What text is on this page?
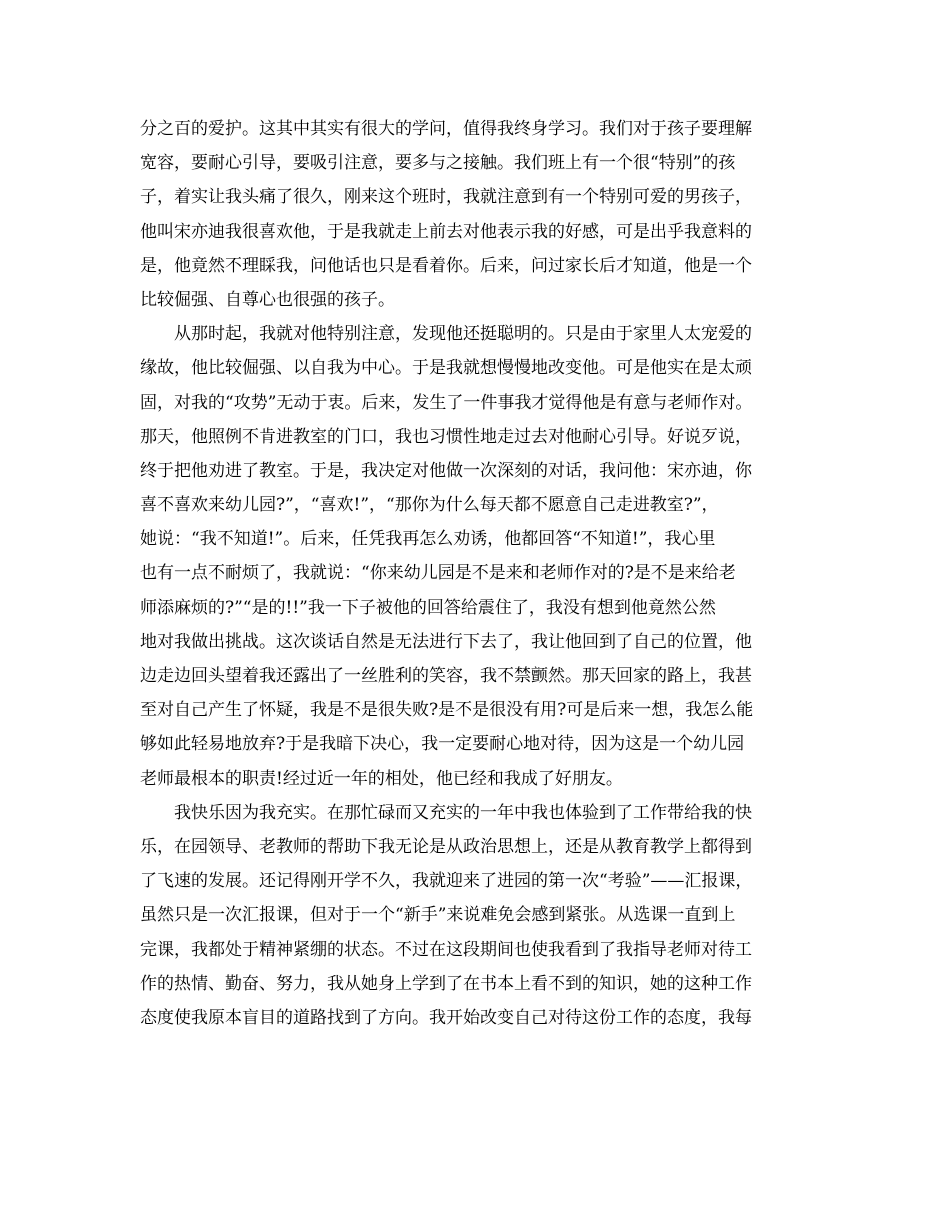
分之百的爱护。这其中其实有很大的学问，值得我终身学习。我们对于孩子要理解
宽容，要耐心引导，要吸引注意，要多与之接触。我们班上有一个很“特别”的孩
子，着实让我头痛了很久，刚来这个班时，我就注意到有一个特别可爱的男孩子，
他叫宋亦迪我很喜欢他，于是我就走上前去对他表示我的好感，可是出乎我意料的
是，他竟然不理睬我，问他话也只是看着你。后来，问过家长后才知道，他是一个
比较倔强、自尊心也很强的孩子。
　　从那时起，我就对他特别注意，发现他还挺聪明的。只是由于家里人太宠爱的
缘故，他比较倔强、以自我为中心。于是我就想慢慢地改变他。可是他实在是太顽
固，对我的“攻势”无动于衷。后来，发生了一件事我才觉得他是有意与老师作对。
那天，他照例不肯进教室的门口，我也习惯性地走过去对他耐心引导。好说歹说，
终于把他劝进了教室。于是，我决定对他做一次深刻的对话，我问他：宋亦迪，你
喜不喜欢来幼儿园?”，“喜欢!”，“那你为什么每天都不愿意自己走进教室?”，
她说：“我不知道!”。后来，任凭我再怎么劝诱，他都回答“不知道!”，我心里
也有一点不耐烦了，我就说：“你来幼儿园是不是来和老师作对的?是不是来给老
师添麻烦的?”“是的!!”我一下子被他的回答给震住了，我没有想到他竟然公然
地对我做出挑战。这次谈话自然是无法进行下去了，我让他回到了自己的位置，他
边走边回头望着我还露出了一丝胜利的笑容，我不禁颤然。那天回家的路上，我甚
至对自己产生了怀疑，我是不是很失败?是不是很没有用?可是后来一想，我怎么能
够如此轻易地放弃?于是我暗下决心，我一定要耐心地对待，因为这是一个幼儿园
老师最根本的职责!经过近一年的相处，他已经和我成了好朋友。
　　我快乐因为我充实。在那忙碌而又充实的一年中我也体验到了工作带给我的快
乐，在园领导、老教师的帮助下我无论是从政治思想上，还是从教育教学上都得到
了飞速的发展。还记得刚开学不久，我就迎来了进园的第一次“考验”——汇报课，
虽然只是一次汇报课，但对于一个“新手”来说难免会感到紧张。从选课一直到上
完课，我都处于精神紧绷的状态。不过在这段期间也使我看到了我指导老师对待工
作的热情、勤奋、努力，我从她身上学到了在书本上看不到的知识，她的这种工作
态度使我原本盲目的道路找到了方向。我开始改变自己对待这份工作的态度，我每
